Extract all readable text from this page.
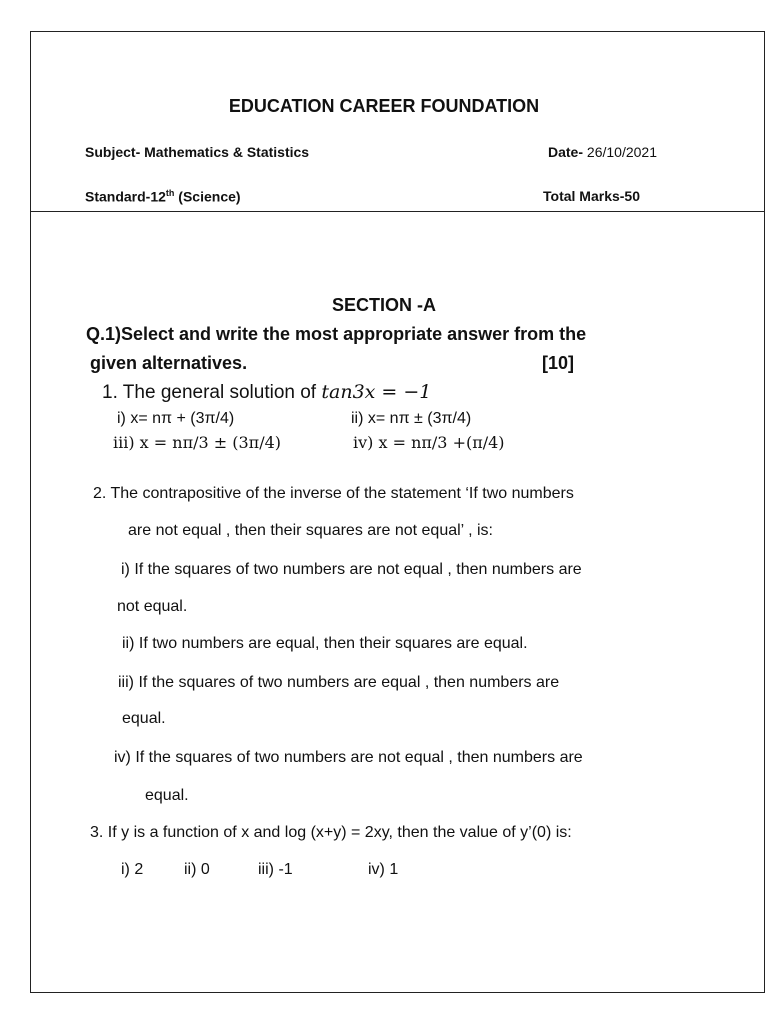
EDUCATION CAREER FOUNDATION
Subject- Mathematics & Statistics	Date- 26/10/2021
Standard-12th (Science)	Total Marks-50
SECTION -A
Q.1)Select and write the most appropriate answer from the
given alternatives.	[10]
1. The general solution of tan3x = −1
i) x= nπ + (3π/4)	ii) x= nπ ± (3π/4)
iii) x = nπ/3 ± (3π/4)	iv) x = nπ/3 +(π/4)
2. The contrapositive of the inverse of the statement ‘If two numbers
are not equal , then their squares are not equal’ , is:
i) If the squares of two numbers are not equal , then numbers are
not equal.
ii) If two numbers are equal, then their squares are equal.
iii) If the squares of two numbers are equal , then numbers are
equal.
iv) If the squares of two numbers are not equal , then numbers are
equal.
3. If y is a function of x and log (x+y) = 2xy, then the value of y’(0) is:
i) 2	ii) 0	iii) -1	iv) 1
